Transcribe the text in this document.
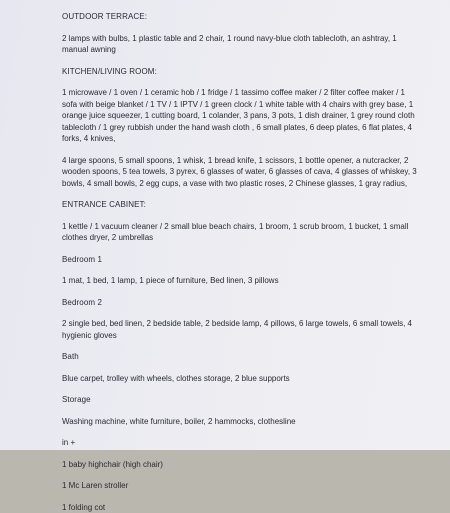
OUTDOOR TERRACE:
2 lamps with bulbs, 1 plastic table and 2 chair, 1 round navy-blue cloth tablecloth, an ashtray, 1 manual awning
KITCHEN/LIVING ROOM:
1 microwave / 1 oven / 1 ceramic hob / 1 fridge / 1 tassimo coffee maker / 2 filter coffee maker / 1 sofa with beige blanket / 1 TV / 1 IPTV / 1 green clock / 1 white table with 4 chairs with grey base, 1 orange juice squeezer, 1 cutting board, 1 colander, 3 pans, 3 pots, 1 dish drainer, 1 grey round cloth tablecloth / 1 grey rubbish under the hand wash cloth , 6 small plates, 6 deep plates, 6 flat plates, 4 forks, 4 knives,
4 large spoons, 5 small spoons, 1 whisk, 1 bread knife, 1 scissors, 1 bottle opener, a nutcracker, 2 wooden spoons, 5 tea towels, 3 pyrex, 6 glasses of water, 6 glasses of cava, 4 glasses of whiskey, 3 bowls, 4 small bowls, 2 egg cups, a vase with two plastic roses, 2 Chinese glasses, 1 gray radius,
ENTRANCE CABINET:
1 kettle / 1 vacuum cleaner / 2 small blue beach chairs, 1 broom, 1 scrub broom, 1 bucket, 1 small clothes dryer, 2 umbrellas
Bedroom 1
1 mat, 1 bed, 1 lamp, 1 piece of furniture, Bed linen, 3 pillows
Bedroom 2
2 single bed, bed linen, 2 bedside table, 2 bedside lamp, 4 pillows, 6 large towels, 6 small towels, 4 hygienic gloves
Bath
Blue carpet, trolley with wheels, clothes storage, 2 blue supports
Storage
Washing machine, white furniture, boiler, 2 hammocks, clothesline
in +
1 baby highchair (high chair)
1 Mc Laren stroller
1 folding cot
